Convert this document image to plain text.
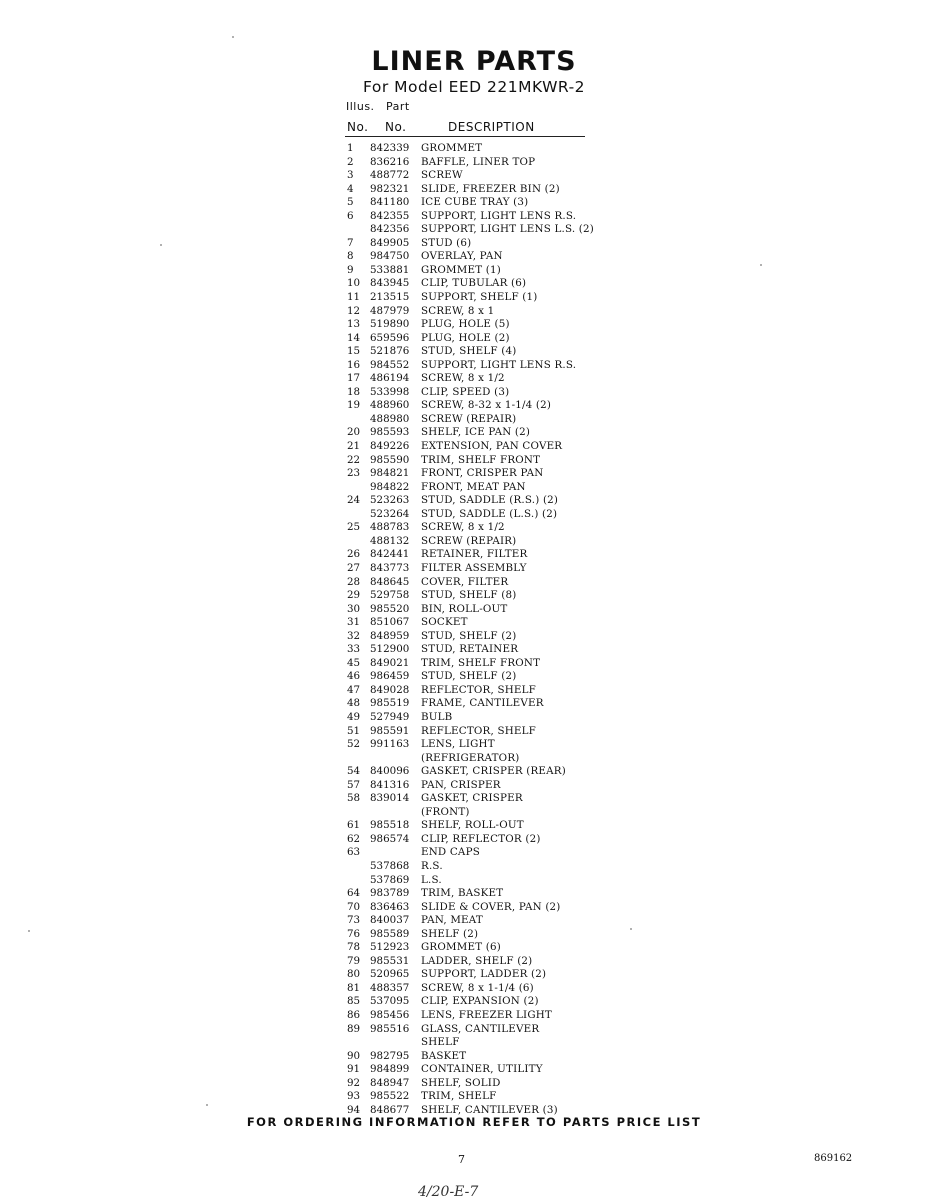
LINER PARTS
For Model EED 221MKWR-2
Illus. Part
No. No.	DESCRIPTION
1	842339	GROMMET
2	836216	BAFFLE, LINER TOP
3	488772	SCREW
4	982321	SLIDE, FREEZER BIN (2)
5	841180	ICE CUBE TRAY (3)
6	842355	SUPPORT, LIGHT LENS R.S.
842356	SUPPORT, LIGHT LENS L.S. (2)
7	849905	STUD (6)
8	984750	OVERLAY, PAN
9	533881	GROMMET (1)
10 843945	CLIP, TUBULAR (6)
11 213515	SUPPORT, SHELF (1)
12 487979	SCREW, 8 x 1
13 519890	PLUG, HOLE (5)
14 659596	PLUG, HOLE (2)
15 521876	STUD, SHELF (4)
16 984552	SUPPORT, LIGHT LENS R.S.
17 486194	SCREW, 8 x 1/2
18 533998	CLIP, SPEED (3)
19 488960	SCREW, 8-32 x 1-1/4 (2)
488980	SCREW (REPAIR)
20 985593	SHELF, ICE PAN (2)
21 849226	EXTENSION, PAN COVER
22 985590	TRIM, SHELF FRONT
23 984821	FRONT, CRISPER PAN
984822	FRONT, MEAT PAN
24 523263	STUD, SADDLE (R.S.) (2)
523264	STUD, SADDLE (L.S.) (2)
25 488783	SCREW, 8 x 1/2
488132	SCREW (REPAIR)
26 842441	RETAINER, FILTER
27 843773	FILTER ASSEMBLY
28 848645	COVER, FILTER
29 529758	STUD, SHELF (8)
30 985520	BIN, ROLL-OUT
31 851067	SOCKET
32 848959	STUD, SHELF (2)
33 512900	STUD, RETAINER
45 849021	TRIM, SHELF FRONT
46 986459	STUD, SHELF (2)
47 849028	REFLECTOR, SHELF
48 985519	FRAME, CANTILEVER
49 527949	BULB
51 985591	REFLECTOR, SHELF
52 991163	LENS, LIGHT
(REFRIGERATOR)
54 840096	GASKET, CRISPER (REAR)
57 841316	PAN, CRISPER
58 839014	GASKET, CRISPER
(FRONT)
61 985518	SHELF, ROLL-OUT
62 986574	CLIP, REFLECTOR (2)
63	END CAPS
537868	R.S.
537869	L.S.
64 983789	TRIM, BASKET
70 836463	SLIDE & COVER, PAN (2)
73 840037	PAN, MEAT
76 985589	SHELF (2)
78 512923	GROMMET (6)
79 985531	LADDER, SHELF (2)
80 520965	SUPPORT, LADDER (2)
81 488357	SCREW, 8 x 1-1/4 (6)
85 537095	CLIP, EXPANSION (2)
86 985456	LENS, FREEZER LIGHT
89 985516	GLASS, CANTILEVER
SHELF
90 982795	BASKET
91 984899	CONTAINER, UTILITY
92 848947	SHELF, SOLID
93 985522	TRIM, SHELF
94 848677	SHELF, CANTILEVER (3)
FOR ORDERING INFORMATION REFER TO PARTS PRICE LIST
7	869162
4/20-E-7
